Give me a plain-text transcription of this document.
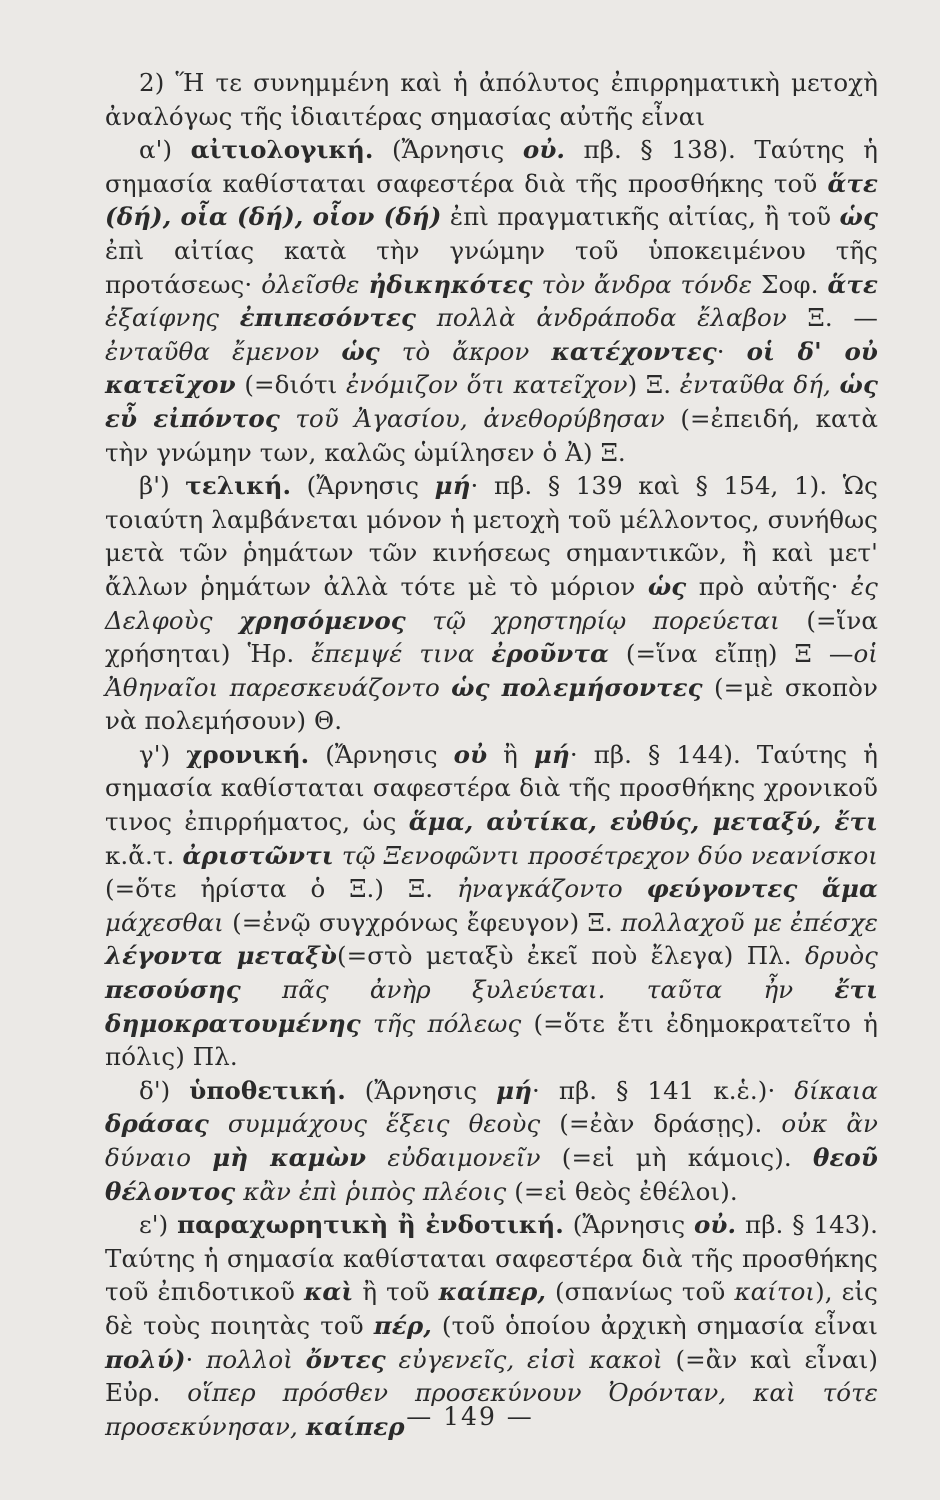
2) Ἥ τε συνημμένη καὶ ἡ ἀπόλυτος ἐπιρρηματικὴ μετοχὴ ἀναλόγως τῆς ἰδιαιτέρας σημασίας αὐτῆς εἶναι

α') αἰτιολογική. (Ἄρνησις οὐ. πβ. § 138). Ταύτης ἡ σημασία καθίσταται σαφεστέρα διὰ τῆς προσθήκης τοῦ ἅτε (δή), οἷα (δή), οἷον (δή) ἐπὶ πραγματικῆς αἰτίας, ἢ τοῦ ὡς ἐπὶ αἰτίας κατὰ τὴν γνώμην τοῦ ὑποκειμένου τῆς προτάσεως· ὀλεῖσθε ἠδικηκότες τὸν ἄνδρα τόνδε Σοφ. ἅτε ἐξαίφνης ἐπιπεσόντες πολλὰ ἀνδράποδα ἔλαβον Ξ. — ἐνταῦθα ἔμενον ὡς τὸ ἄκρον κατέχοντες· οἱ δ' οὐ κατεῖχον (=διότι ἐνόμιζον ὅτι κατεῖχον) Ξ. ἐνταῦθα δή, ὡς εὖ εἰπόντος τοῦ Ἀγασίου, ἀνεθορύβησαν (=ἐπειδή, κατὰ τὴν γνώμην των, καλῶς ὡμίλησεν ὁ Ἀ) Ξ.

β') τελική. (Ἄρνησις μή· πβ. § 139 καὶ § 154, 1). Ὡς τοιαύτη λαμβάνεται μόνον ἡ μετοχὴ τοῦ μέλλοντος, συνήθως μετὰ τῶν ῥημάτων τῶν κινήσεως σημαντικῶν, ἢ καὶ μετ' ἄλλων ῥημάτων ἀλλὰ τότε μὲ τὸ μόριον ὡς πρὸ αὐτῆς· ἐς Δελφοὺς χρησόμενος τῷ χρηστηρίῳ πορεύεται (=ἵνα χρήσηται) Ἡρ. ἔπεμψέ τινα ἐροῦντα (=ἵνα εἴπῃ) Ξ —οἱ Ἀθηναῖοι παρεσκευάζοντο ὡς πολεμήσοντες (=μὲ σκοπὸν νὰ πολεμήσουν) Θ.

γ') χρονική. (Ἄρνησις οὐ ἢ μή· πβ. § 144). Ταύτης ἡ σημασία καθίσταται σαφεστέρα διὰ τῆς προσθήκης χρονικοῦ τινος ἐπιρρήματος, ὡς ἅμα, αὐτίκα, εὐθύς, μεταξύ, ἔτι κ.ἄ.τ. ἀριστῶντι τῷ Ξενοφῶντι προσέτρεχον δύο νεανίσκοι (=ὅτε ἠρίστα ὁ Ξ.) Ξ. ἠναγκάζοντο φεύγοντες ἅμα μάχεσθαι (=ἐνῷ συγχρόνως ἔφευγον) Ξ. πολλαχοῦ με ἐπέσχε λέγοντα μεταξὺ(=στὸ μεταξὺ ἐκεῖ ποὺ ἔλεγα) Πλ. δρυὸς πεσούσης πᾶς ἀνὴρ ξυλεύεται. ταῦτα ἦν ἔτι δημοκρατουμένης τῆς πόλεως (=ὅτε ἔτι ἐδημοκρατεῖτο ἡ πόλις) Πλ.

δ') ὑποθετική. (Ἄρνησις μή· πβ. § 141 κ.ἑ.)· δίκαια δράσας συμμάχους ἕξεις θεοὺς (=ἐὰν δράσῃς). οὐκ ἂν δύναιο μὴ καμὼν εὐδαιμονεῖν (=εἰ μὴ κάμοις). θεοῦ θέλοντος κἂν ἐπὶ ῥιπὸς πλέοις (=εἰ θεὸς ἐθέλοι).

ε') παραχωρητικὴ ἢ ἐνδοτική. (Ἄρνησις οὐ. πβ. § 143). Ταύτης ἡ σημασία καθίσταται σαφεστέρα διὰ τῆς προσθήκης τοῦ ἐπιδοτικοῦ καὶ ἢ τοῦ καίπερ, (σπανίως τοῦ καίτοι), εἰς δὲ τοὺς ποιητὰς τοῦ πέρ, (τοῦ ὁποίου ἀρχικὴ σημασία εἶναι πολύ)· πολλοὶ ὄντες εὐγενεῖς, εἰσὶ κακοὶ (=ἂν καὶ εἶναι) Εὐρ. οἵπερ πρόσθεν προσεκύνουν Ὀρόνταν, καὶ τότε προσεκύνησαν, καίπερ — 149 —
